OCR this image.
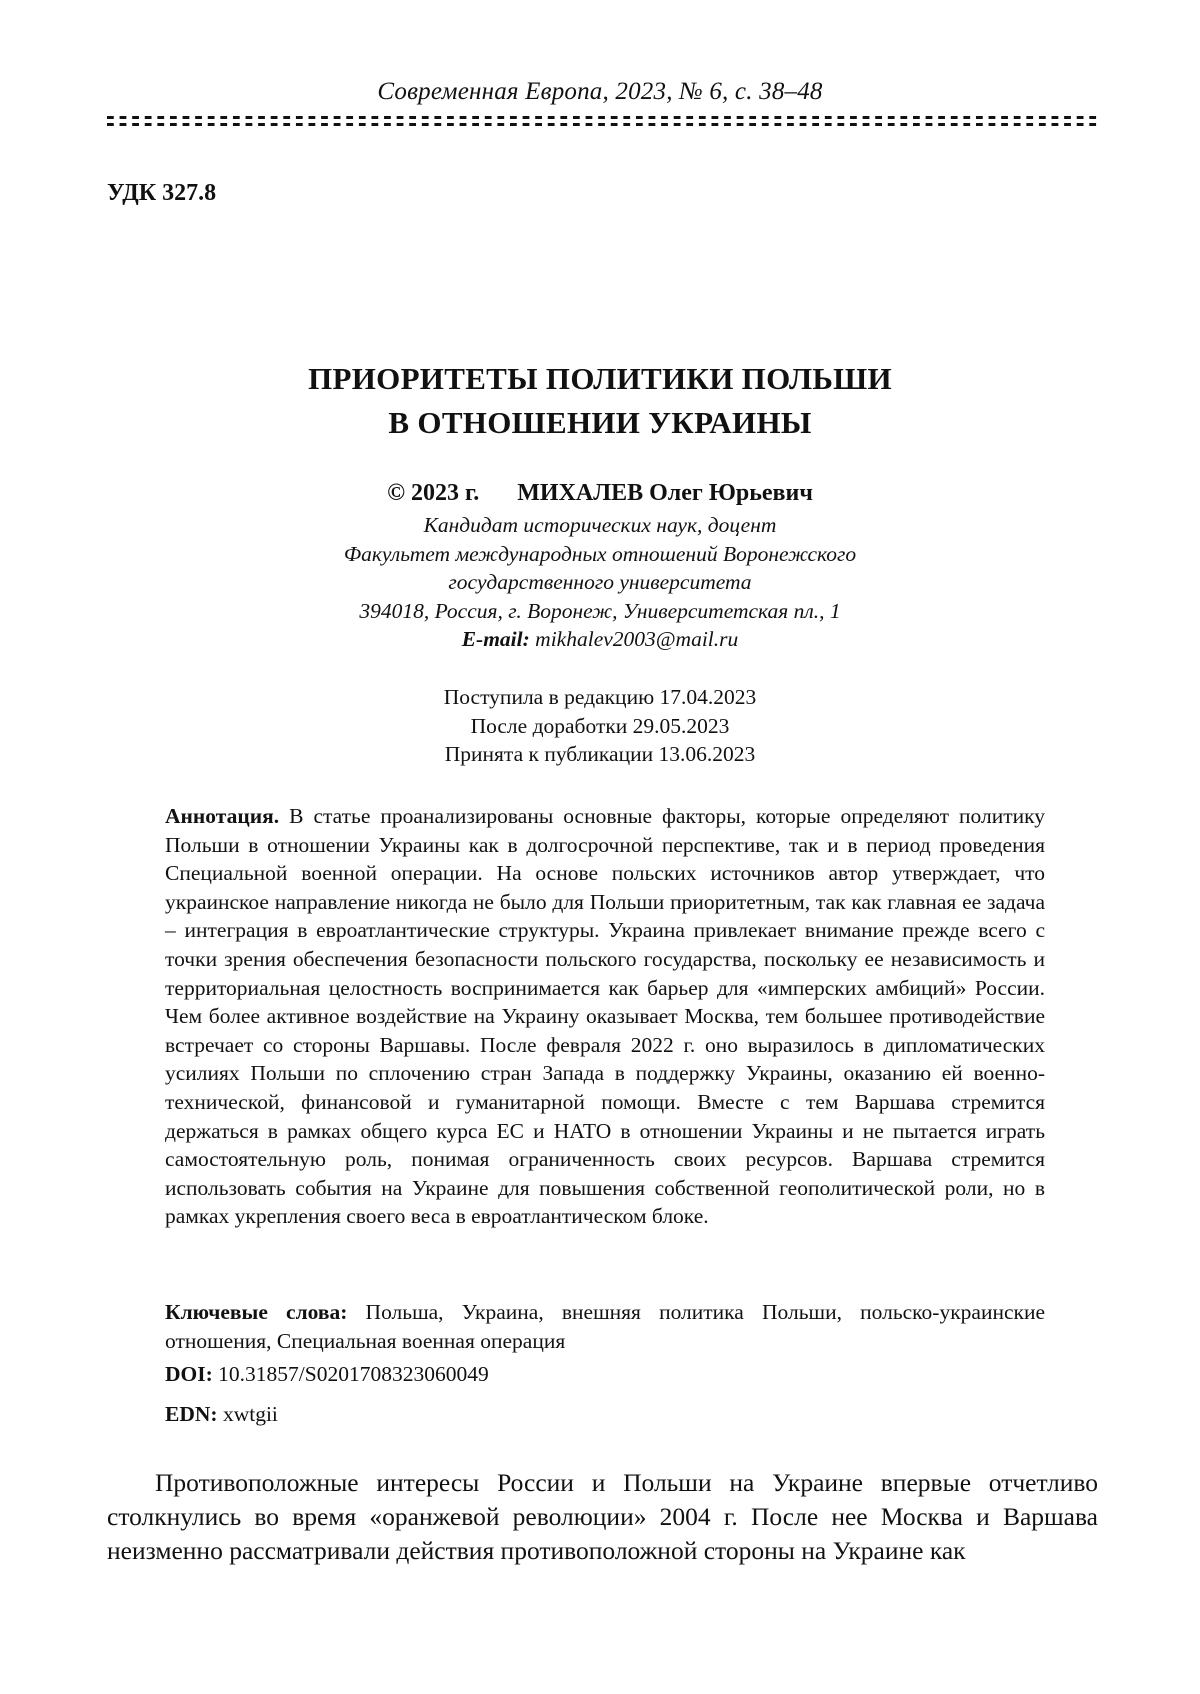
Современная Европа, 2023, № 6, с. 38–48
УДК 327.8
ПРИОРИТЕТЫ ПОЛИТИКИ ПОЛЬШИ
В ОТНОШЕНИИ УКРАИНЫ
© 2023 г. МИХАЛЕВ Олег Юрьевич
Кандидат исторических наук, доцент
Факультет международных отношений Воронежского
государственного университета
394018, Россия, г. Воронеж, Университетская пл., 1
E-mail: mikhalev2003@mail.ru
Поступила в редакцию 17.04.2023
После доработки 29.05.2023
Принята к публикации 13.06.2023
Аннотация. В статье проанализированы основные факторы, которые определяют политику Польши в отношении Украины как в долгосрочной перспективе, так и в период проведения Специальной военной операции. На основе польских источников автор утверждает, что украинское направление никогда не было для Польши приоритетным, так как главная ее задача – интеграция в евроатлантические структуры. Украина привлекает внимание прежде всего с точки зрения обеспечения безопасности польского государства, поскольку ее независимость и территориальная целостность воспринимается как барьер для «имперских амбиций» России. Чем более активное воздействие на Украину оказывает Москва, тем большее противодействие встречает со стороны Варшавы. После февраля 2022 г. оно выразилось в дипломатических усилиях Польши по сплочению стран Запада в поддержку Украины, оказанию ей военно-технической, финансовой и гуманитарной помощи. Вместе с тем Варшава стремится держаться в рамках общего курса ЕС и НАТО в отношении Украины и не пытается играть самостоятельную роль, понимая ограниченность своих ресурсов. Варшава стремится использовать события на Украине для повышения собственной геополитической роли, но в рамках укрепления своего веса в евроатлантическом блоке.
Ключевые слова: Польша, Украина, внешняя политика Польши, польско-украинские отношения, Специальная военная операция
DOI: 10.31857/S0201708323060049
EDN: xwtgii
Противоположные интересы России и Польши на Украине впервые отчетливо столкнулись во время «оранжевой революции» 2004 г. После нее Москва и Варшава неизменно рассматривали действия противоположной стороны на Украине как
